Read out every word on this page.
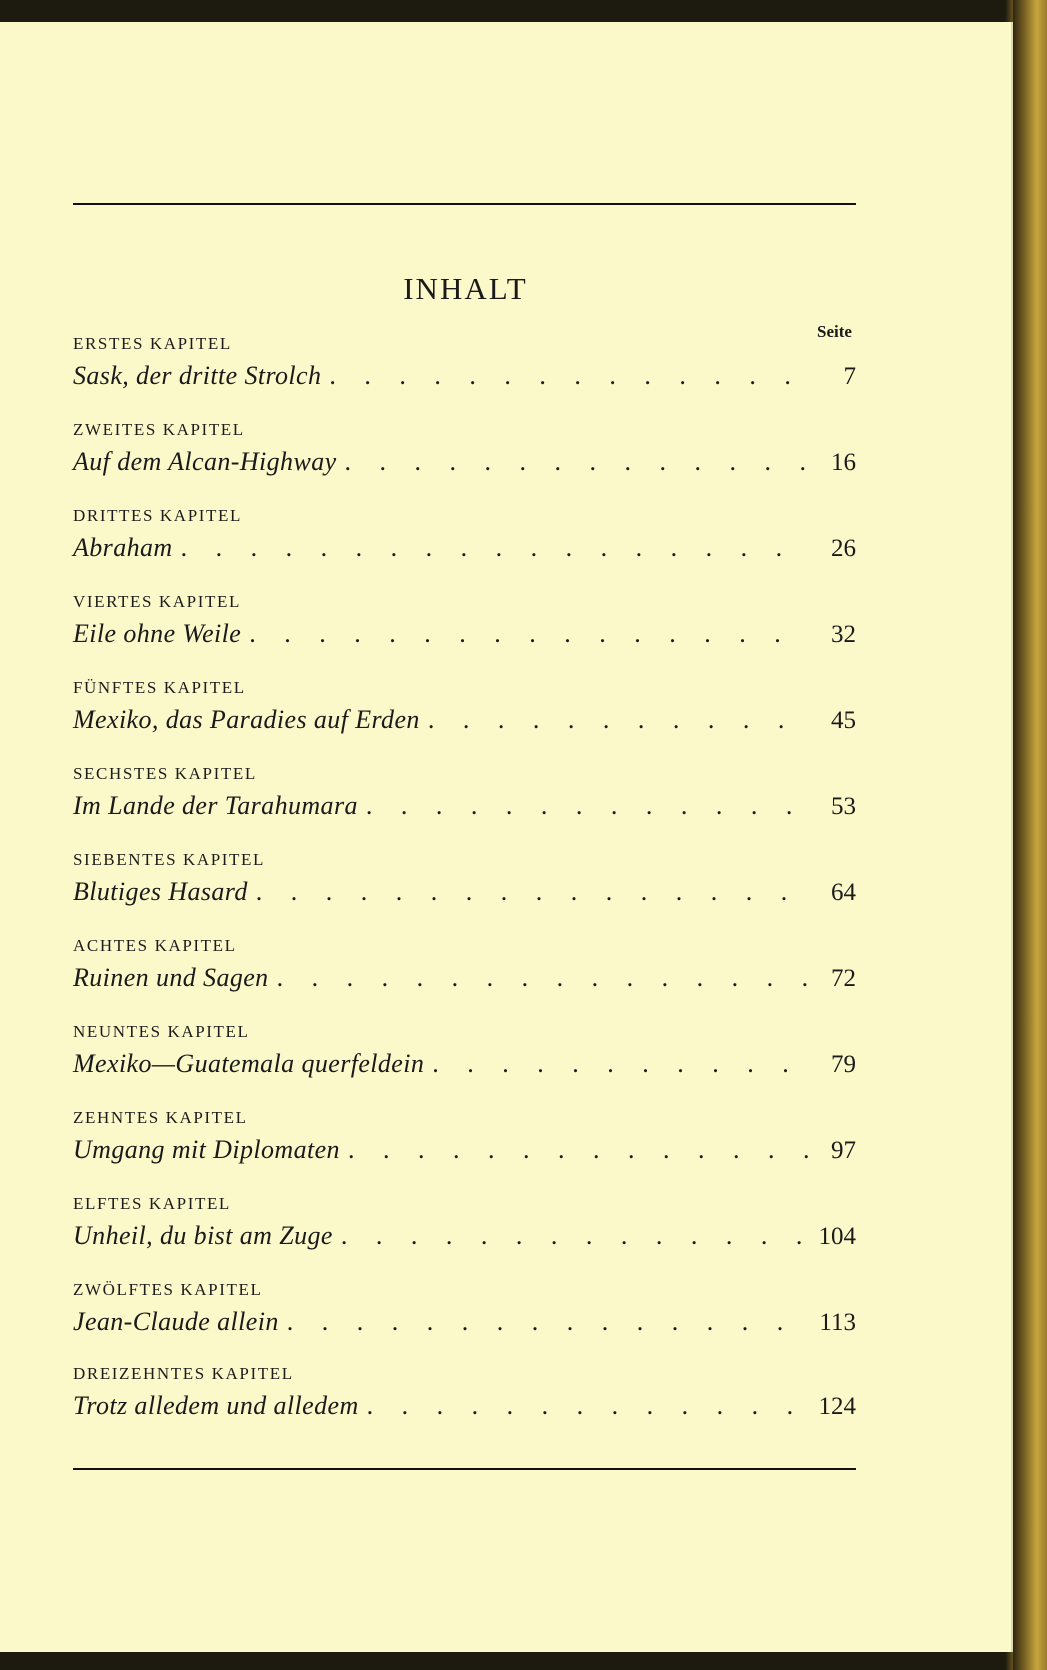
INHALT
Seite
ERSTES KAPITEL
Sask, der dritte Strolch . . .	7
ZWEITES KAPITEL
Auf dem Alcan-Highway . . .	16
DRITTES KAPITEL
Abraham . . .	26
VIERTES KAPITEL
Eile ohne Weile . . .	32
FÜNFTES KAPITEL
Mexiko, das Paradies auf Erden . . .	45
SECHSTES KAPITEL
Im Lande der Tarahumara . . .	53
SIEBENTES KAPITEL
Blutiges Hasard . . .	64
ACHTES KAPITEL
Ruinen und Sagen . . .	72
NEUNTES KAPITEL
Mexiko—Guatemala querfeldein . . .	79
ZEHNTES KAPITEL
Umgang mit Diplomaten . . .	97
ELFTES KAPITEL
Unheil, du bist am Zuge . . .	104
ZWÖLFTES KAPITEL
Jean-Claude allein . . .	113
DREIZEHNTES KAPITEL
Trotz alledem und alledem . . .	124
